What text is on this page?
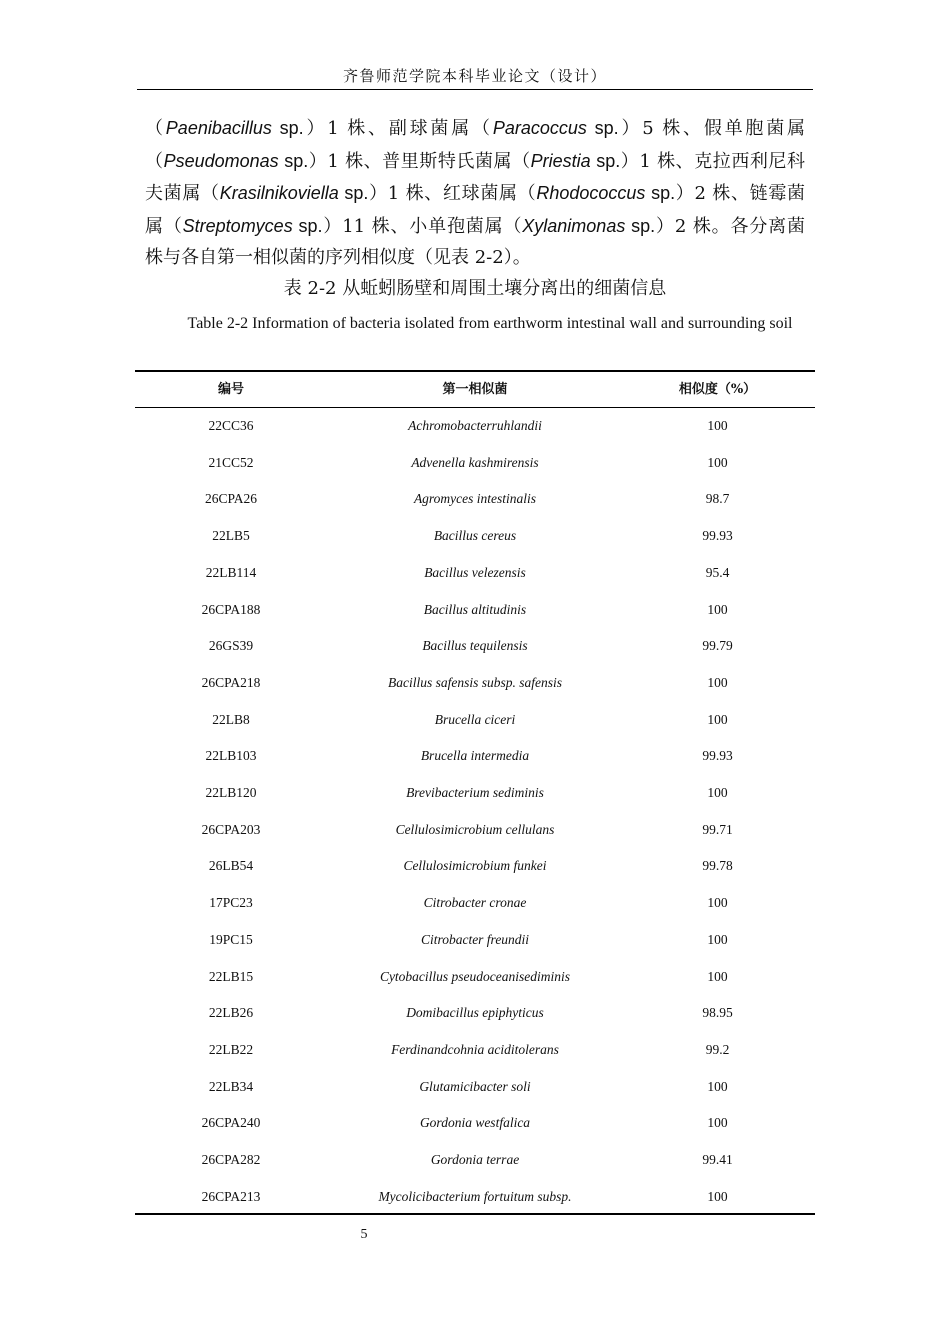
齐鲁师范学院本科毕业论文（设计）
（Paenibacillus sp.）1 株、副球菌属（Paracoccus sp.）5 株、假单胞菌属
（Pseudomonas sp.）1 株、普里斯特氏菌属（Priestia sp.）1 株、克拉西利尼科
夫菌属（Krasilnikoviella sp.）1 株、红球菌属（Rhodococcus sp.）2 株、链霉菌
属（Streptomyces sp.）11 株、小单孢菌属（Xylanimonas sp.）2 株。各分离菌
株与各自第一相似菌的序列相似度（见表 2-2）。
表 2-2 从蚯蚓肠壁和周围土壤分离出的细菌信息
Table 2-2 Information of bacteria isolated from earthworm intestinal wall and surrounding soil
编号	第一相似菌	相似度（%）
22CC36	Achromobacterruhlandii	100
21CC52	Advenella kashmirensis	100
26CPA26	Agromyces intestinalis	98.7
22LB5	Bacillus cereus	99.93
22LB114	Bacillus velezensis	95.4
26CPA188	Bacillus altitudinis	100
26GS39	Bacillus tequilensis	99.79
26CPA218	Bacillus safensis subsp. safensis	100
22LB8	Brucella ciceri	100
22LB103	Brucella intermedia	99.93
22LB120	Brevibacterium sediminis	100
26CPA203	Cellulosimicrobium cellulans	99.71
26LB54	Cellulosimicrobium funkei	99.78
17PC23	Citrobacter cronae	100
19PC15	Citrobacter freundii	100
22LB15	Cytobacillus pseudoceanisediminis	100
22LB26	Domibacillus epiphyticus	98.95
22LB22	Ferdinandcohnia aciditolerans	99.2
22LB34	Glutamicibacter soli	100
26CPA240	Gordonia westfalica	100
26CPA282	Gordonia terrae	99.41
26CPA213	Mycolicibacterium fortuitum subsp.	100
5
